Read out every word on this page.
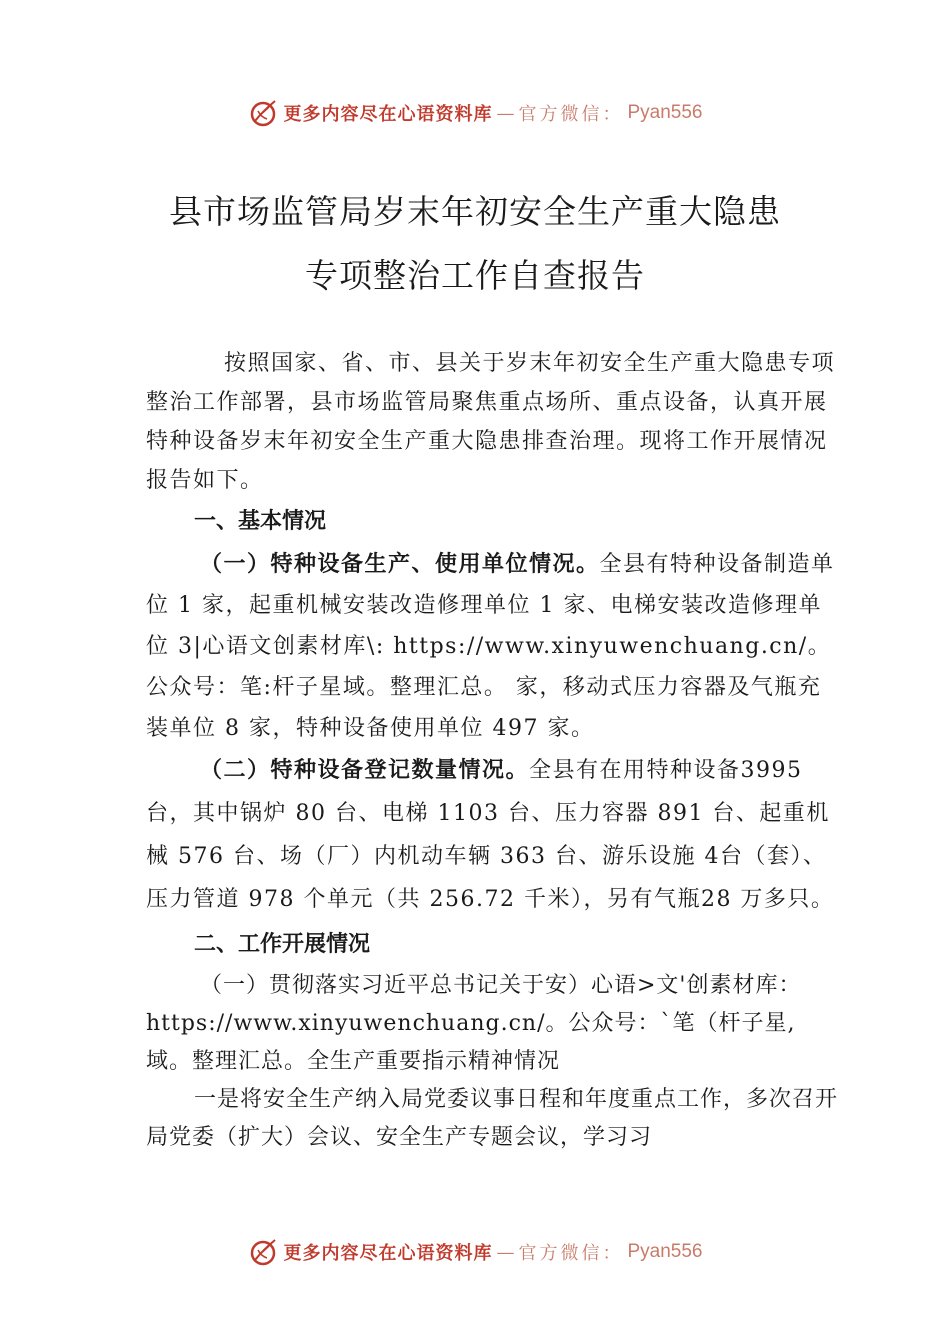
更多内容尽在心语资料库 — 官方微信： Pyan556
县市场监管局岁末年初安全生产重大隐患
专项整治工作自查报告

按照国家、省、市、县关于岁末年初安全生产重大隐患专项整治工作部署，县市场监管局聚焦重点场所、重点设备，认真开展特种设备岁末年初安全生产重大隐患排查治理。现将工作开展情况报告如下。

一、基本情况

（一）特种设备生产、使用单位情况。全县有特种设备制造单位 1 家，起重机械安装改造修理单位 1 家、电梯安装改造修理单位 3|心语文创素材库\: https://www.xinyuwenchuang.cn/。公众号：笔:杆子星域。整理汇总。 家，移动式压力容器及气瓶充装单位 8 家，特种设备使用单位 497 家。

（二）特种设备登记数量情况。全县有在用特种设备3995 台，其中锅炉 80 台、电梯 1103 台、压力容器 891 台、起重机械 576 台、场（厂）内机动车辆 363 台、游乐设施 4台（套）、压力管道 978 个单元（共 256.72 千米），另有气瓶28 万多只。

二、工作开展情况

（一）贯彻落实习近平总书记关于安）心语>文'创素材库：https://www.xinyuwenchuang.cn/。公众号：`笔（杆子星,域。整理汇总。全生产重要指示精神情况

一是将安全生产纳入局党委议事日程和年度重点工作，多次召开局党委（扩大）会议、安全生产专题会议，学习习

更多内容尽在心语资料库 — 官方微信： Pyan556
